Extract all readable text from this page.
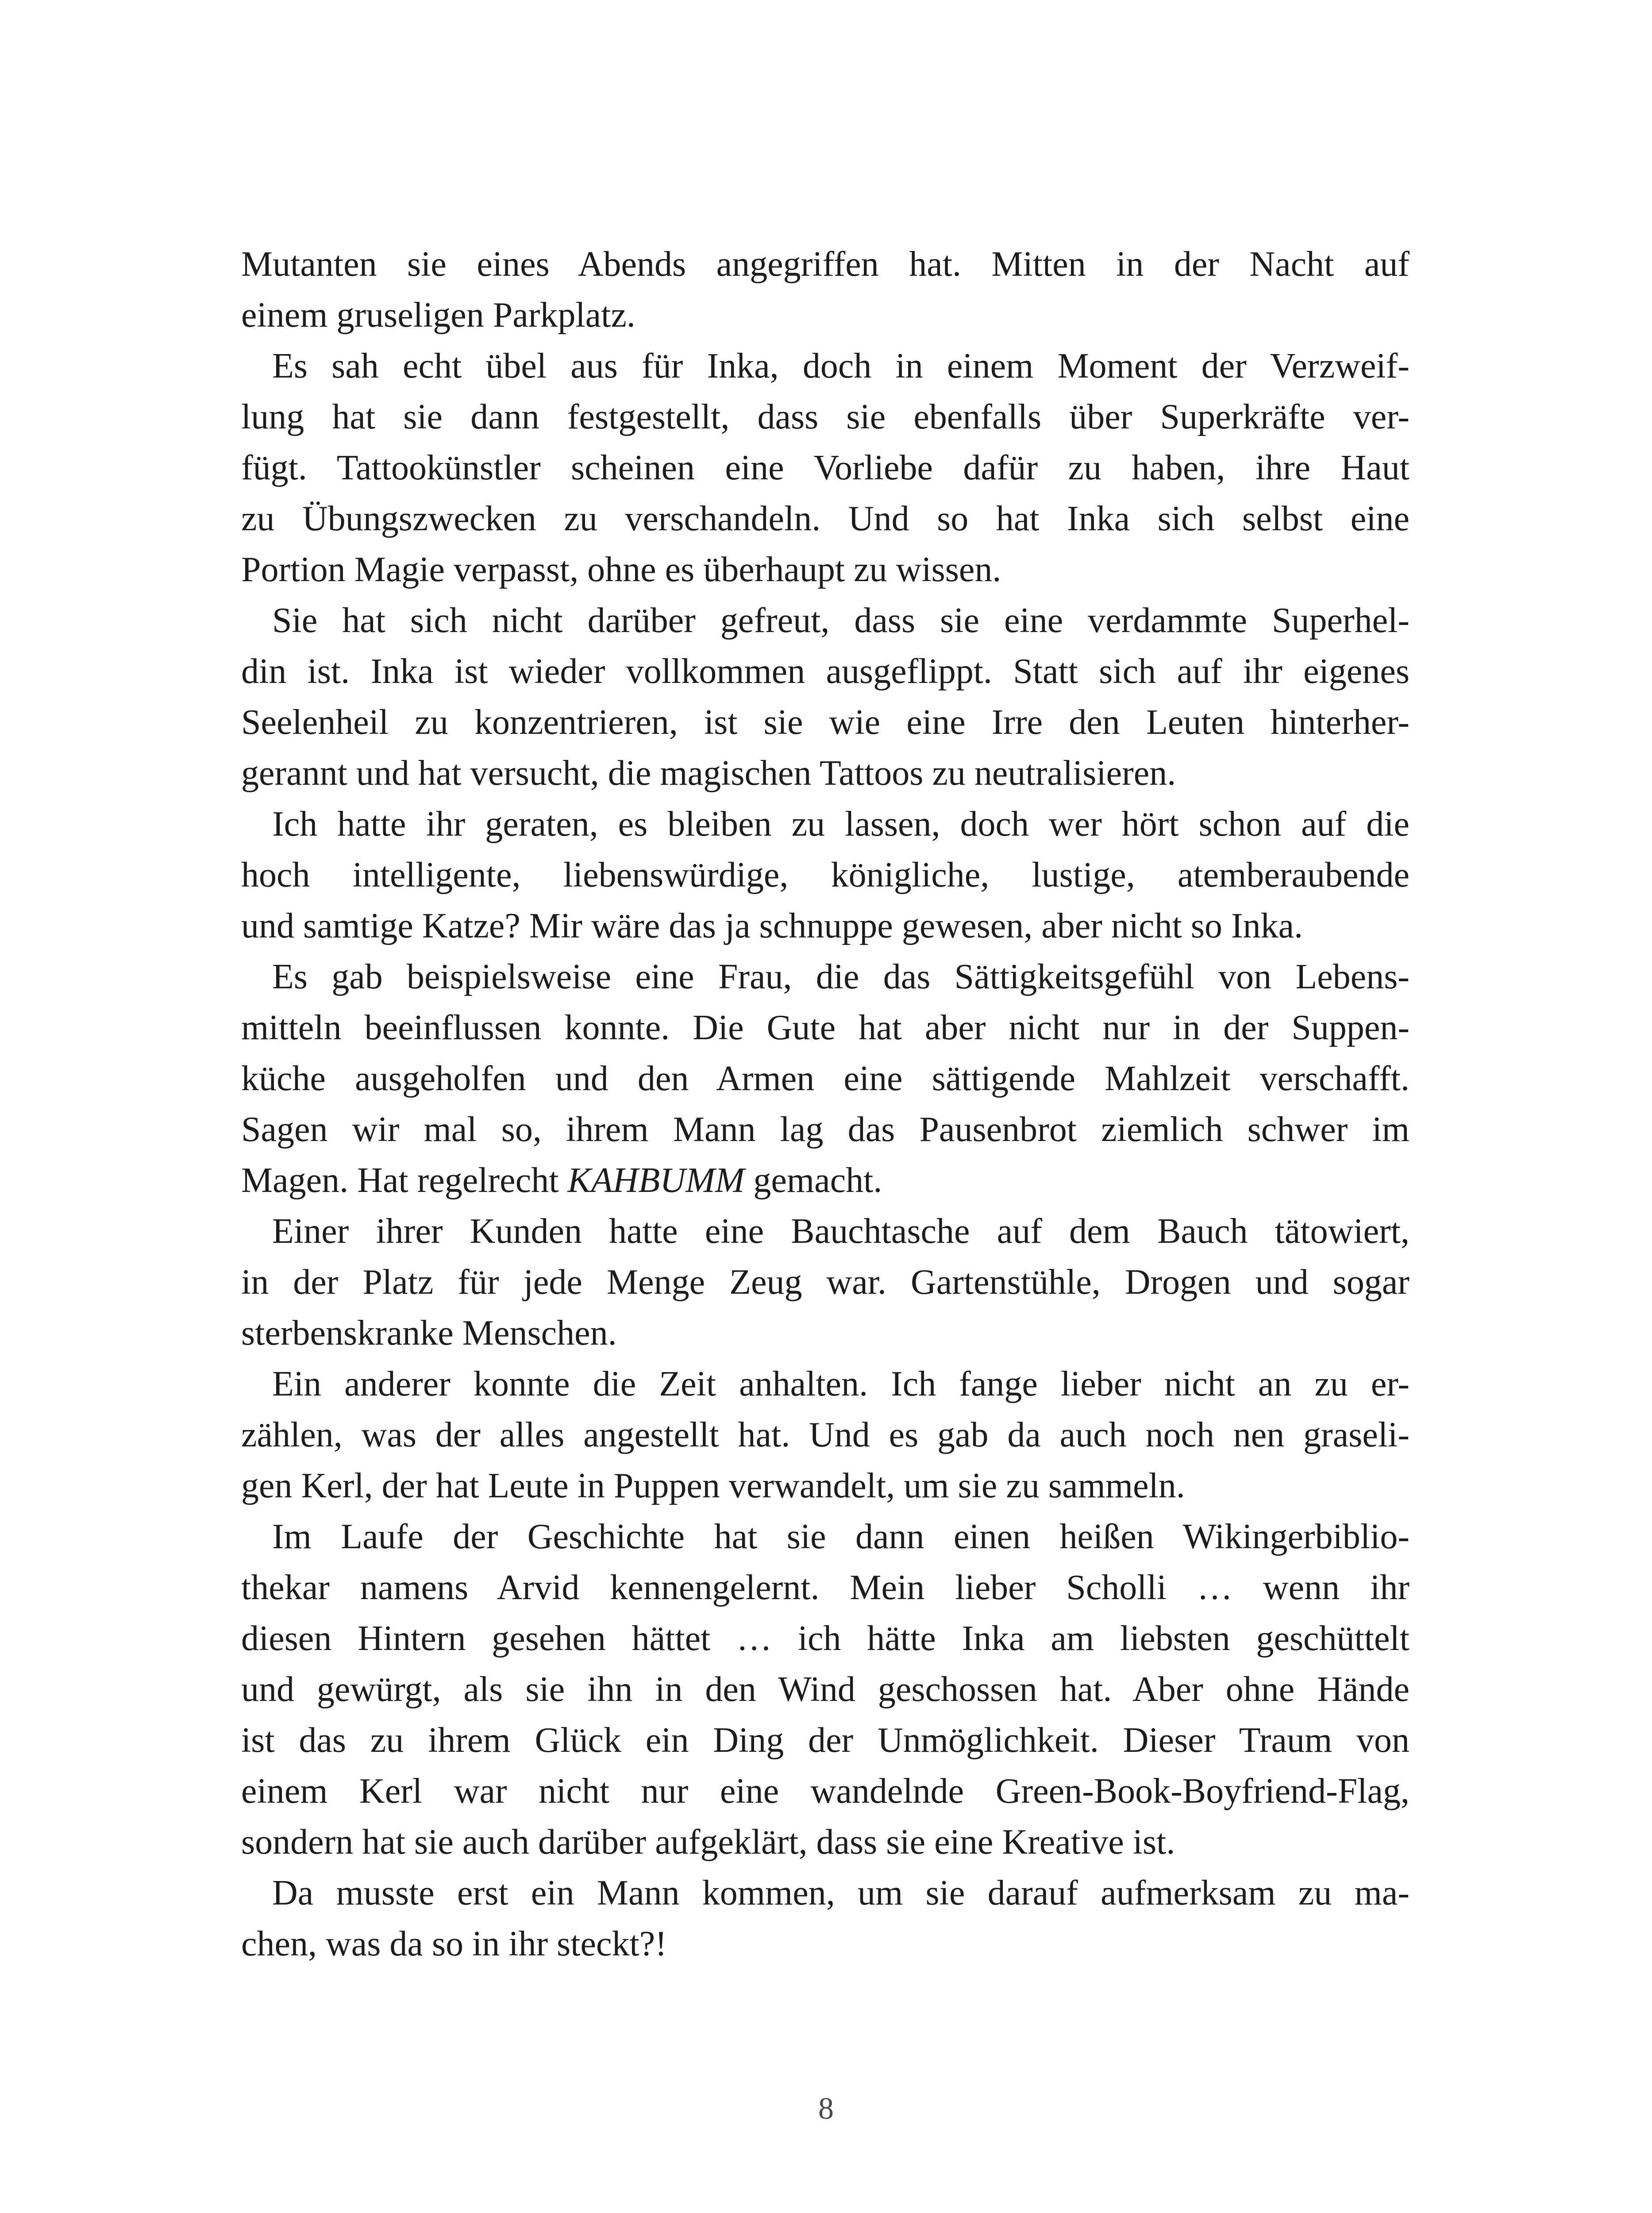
Mutanten sie eines Abends angegriffen hat. Mitten in der Nacht auf
einem gruseligen Parkplatz.
Es sah echt übel aus für Inka, doch in einem Moment der Verzweif-
lung hat sie dann festgestellt, dass sie ebenfalls über Superkräfte ver-
fügt. Tattookünstler scheinen eine Vorliebe dafür zu haben, ihre Haut
zu Übungszwecken zu verschandeln. Und so hat Inka sich selbst eine
Portion Magie verpasst, ohne es überhaupt zu wissen.
Sie hat sich nicht darüber gefreut, dass sie eine verdammte Superhel-
din ist. Inka ist wieder vollkommen ausgeflippt. Statt sich auf ihr eigenes
Seelenheil zu konzentrieren, ist sie wie eine Irre den Leuten hinterher-
gerannt und hat versucht, die magischen Tattoos zu neutralisieren.
Ich hatte ihr geraten, es bleiben zu lassen, doch wer hört schon auf die
hoch intelligente, liebenswürdige, königliche, lustige, atemberaubende
und samtige Katze? Mir wäre das ja schnuppe gewesen, aber nicht so Inka.
Es gab beispielsweise eine Frau, die das Sättigkeitsgefühl von Lebens-
mitteln beeinflussen konnte. Die Gute hat aber nicht nur in der Suppen-
küche ausgeholfen und den Armen eine sättigende Mahlzeit verschafft.
Sagen wir mal so, ihrem Mann lag das Pausenbrot ziemlich schwer im
Magen. Hat regelrecht KAHBUMM gemacht.
Einer ihrer Kunden hatte eine Bauchtasche auf dem Bauch tätowiert,
in der Platz für jede Menge Zeug war. Gartenstühle, Drogen und sogar
sterbenskranke Menschen.
Ein anderer konnte die Zeit anhalten. Ich fange lieber nicht an zu er-
zählen, was der alles angestellt hat. Und es gab da auch noch nen graseli-
gen Kerl, der hat Leute in Puppen verwandelt, um sie zu sammeln.
Im Laufe der Geschichte hat sie dann einen heißen Wikingerbiblio-
thekar namens Arvid kennengelernt. Mein lieber Scholli … wenn ihr
diesen Hintern gesehen hättet … ich hätte Inka am liebsten geschüttelt
und gewürgt, als sie ihn in den Wind geschossen hat. Aber ohne Hände
ist das zu ihrem Glück ein Ding der Unmöglichkeit. Dieser Traum von
einem Kerl war nicht nur eine wandelnde Green-Book-Boyfriend-Flag,
sondern hat sie auch darüber aufgeklärt, dass sie eine Kreative ist.
Da musste erst ein Mann kommen, um sie darauf aufmerksam zu ma-
chen, was da so in ihr steckt?!
8
